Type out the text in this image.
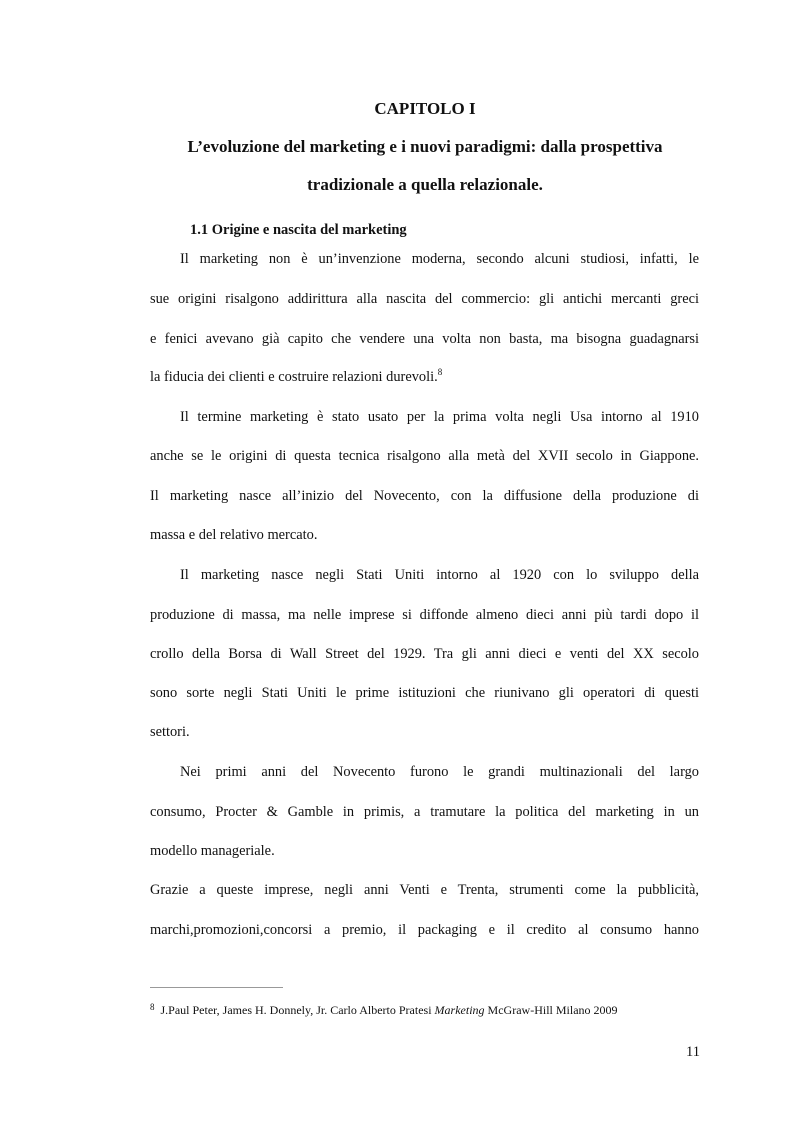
CAPITOLO I
L’evoluzione del marketing e i nuovi paradigmi: dalla prospettiva
tradizionale a quella relazionale.
1.1 Origine e nascita del marketing
Il marketing non è un’invenzione moderna, secondo alcuni studiosi, infatti, le
sue origini risalgono addirittura alla nascita del commercio: gli antichi mercanti greci
e fenici avevano già capito che vendere una volta non basta, ma bisogna guadagnarsi
la fiducia dei clienti e costruire relazioni durevoli.$^8$
Il termine marketing è stato usato per la prima volta negli Usa intorno al 1910
anche se le origini di questa tecnica risalgono alla metà del XVII secolo in Giappone.
Il marketing nasce all’inizio del Novecento, con la diffusione della produzione di
massa e del relativo mercato.
Il marketing nasce negli Stati Uniti intorno al 1920 con lo sviluppo della
produzione di massa, ma nelle imprese si diffonde almeno dieci anni più tardi dopo il
crollo della Borsa di Wall Street del 1929. Tra gli anni dieci e venti del XX secolo
sono sorte negli Stati Uniti le prime istituzioni che riunivano gli operatori di questi
settori.
Nei primi anni del Novecento furono le grandi multinazionali del largo
consumo, Procter & Gamble in primis, a tramutare la politica del marketing in un
modello manageriale.
Grazie a queste imprese, negli anni Venti e Trenta, strumenti come la pubblicità,
marchi,promozioni,concorsi a premio, il packaging e il credito al consumo hanno
$^8$ J.Paul Peter, James H. Donnely, Jr. Carlo Alberto Pratesi Marketing McGraw-Hill Milano 2009
11
